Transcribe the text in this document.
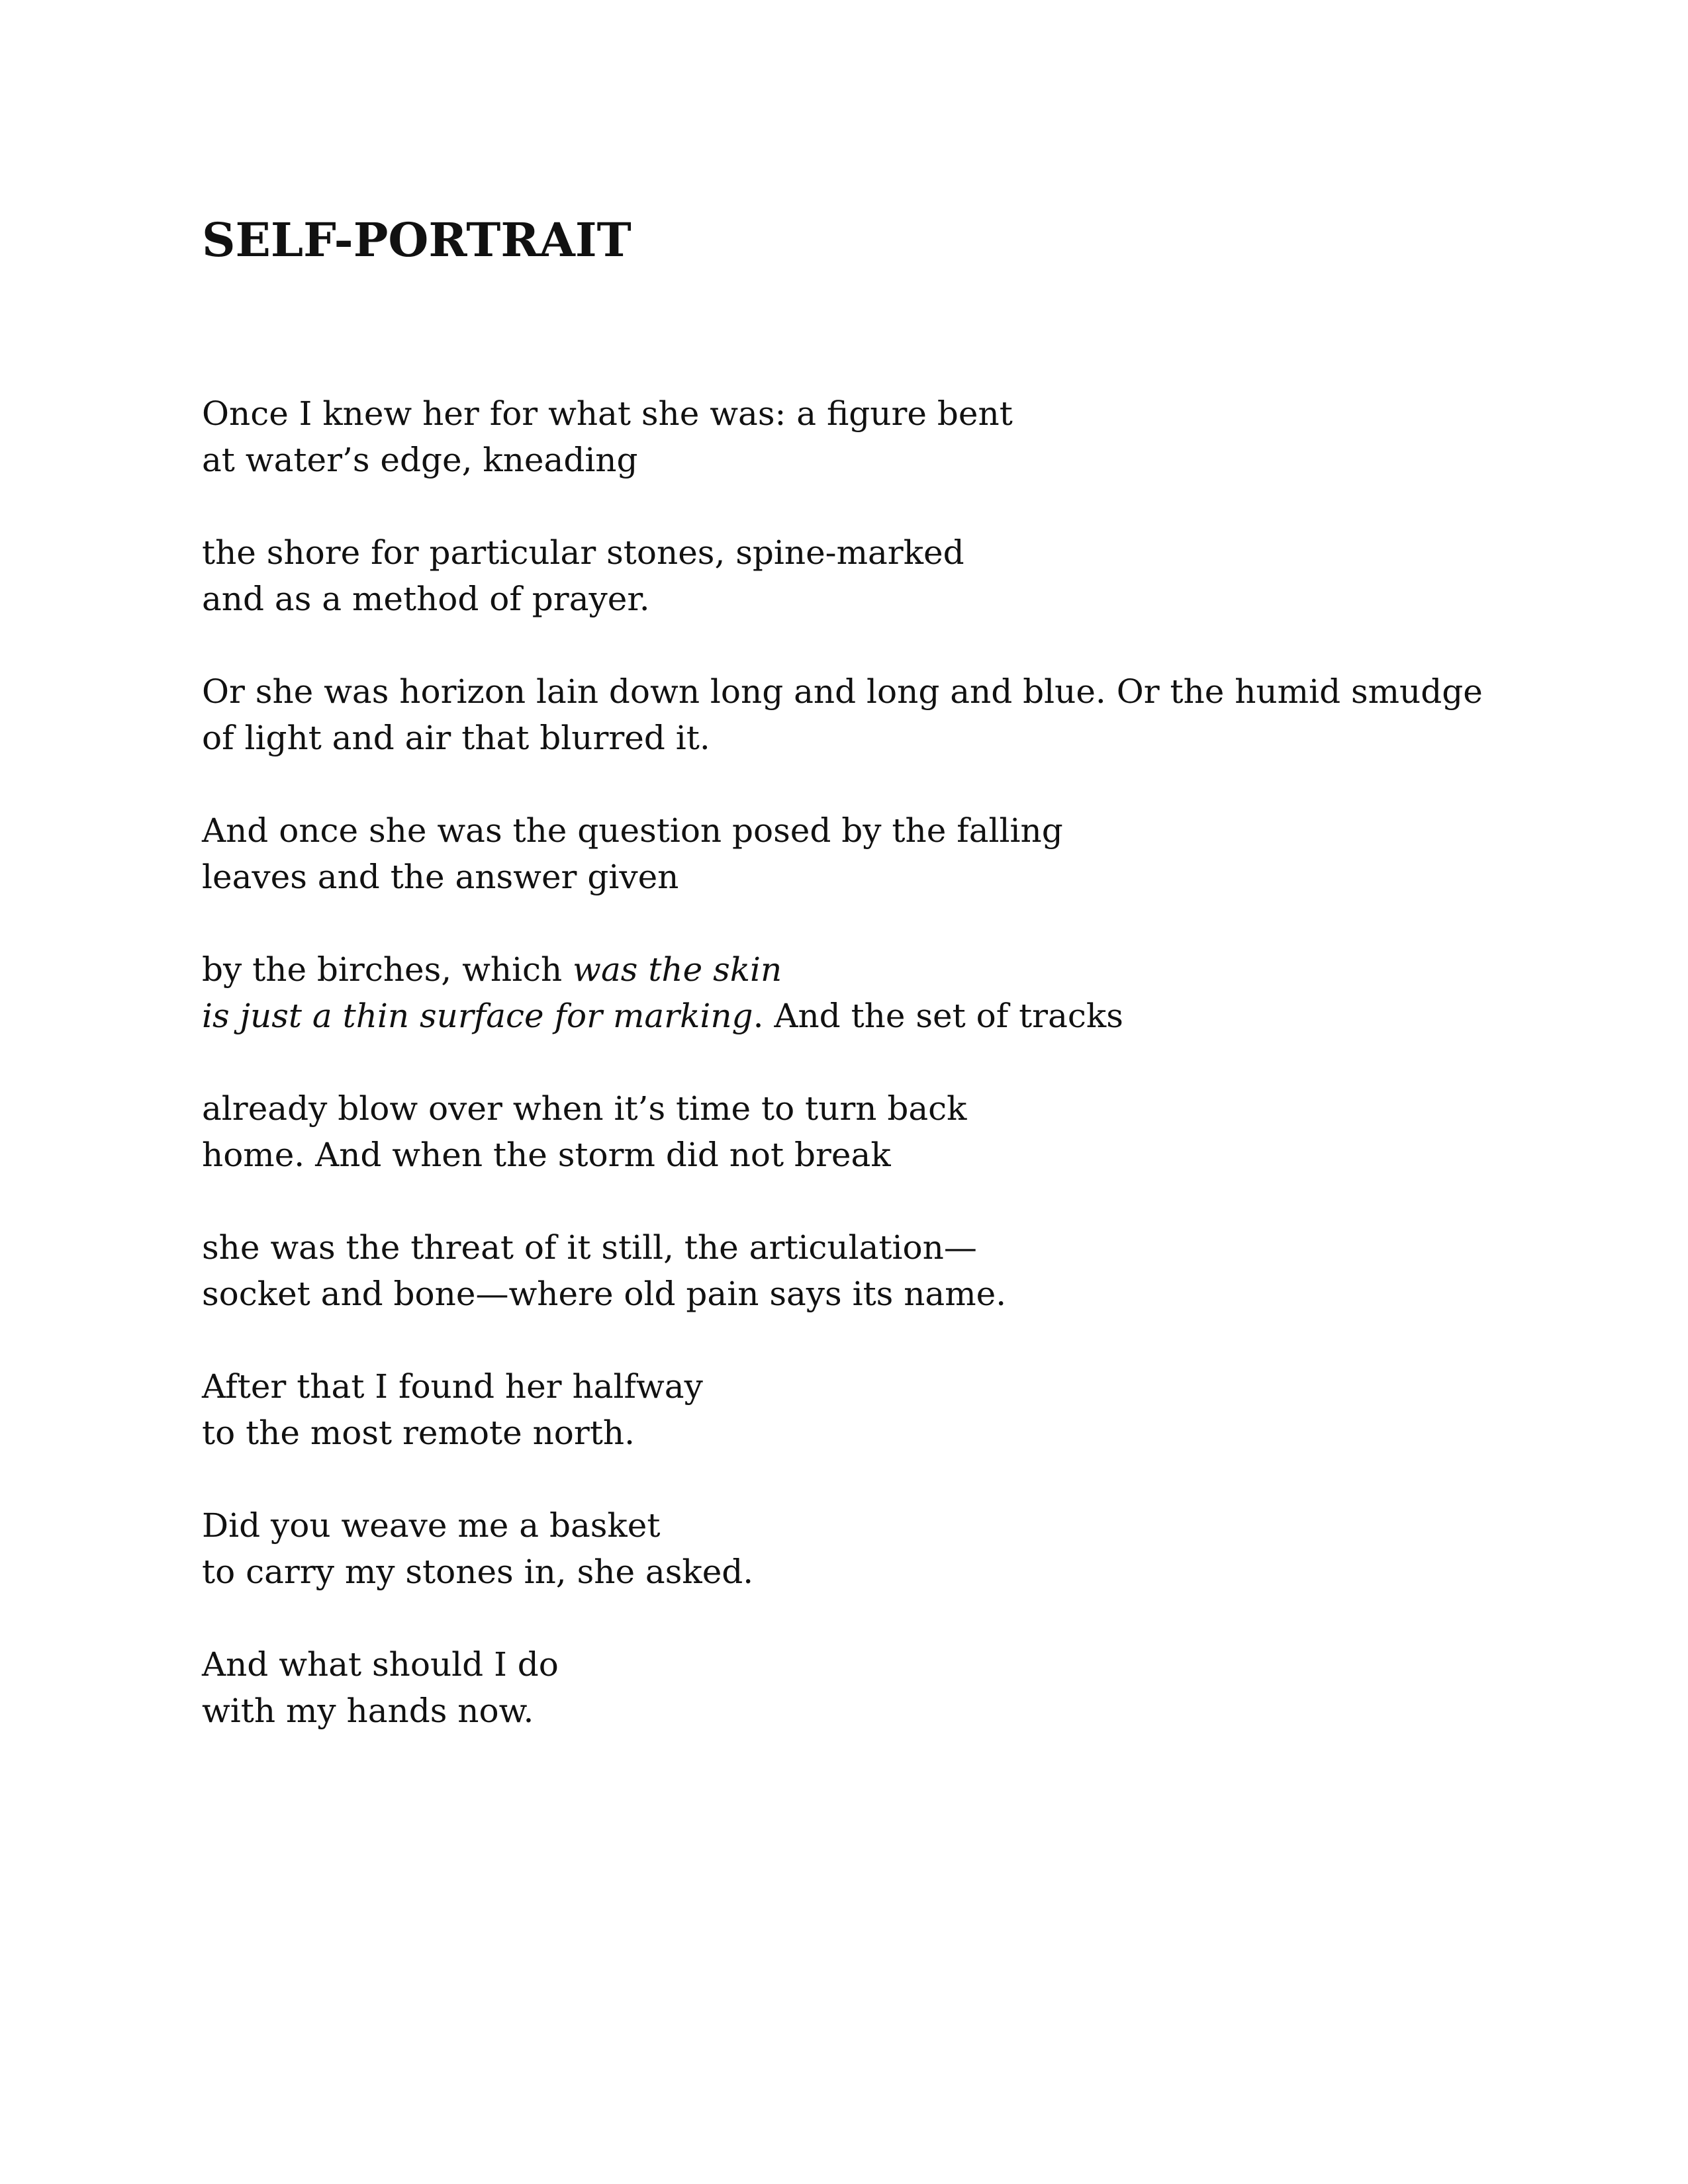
SELF-PORTRAIT

Once I knew her for what she was: a figure bent
at water’s edge, kneading

the shore for particular stones, spine-marked
and as a method of prayer.

Or she was horizon lain down long and long and blue. Or the humid smudge
of light and air that blurred it.

And once she was the question posed by the falling
leaves and the answer given

by the birches, which was the skin
is just a thin surface for marking. And the set of tracks

already blow over when it’s time to turn back
home. And when the storm did not break

she was the threat of it still, the articulation—
socket and bone—where old pain says its name.

After that I found her halfway
to the most remote north.

Did you weave me a basket
to carry my stones in, she asked.

And what should I do
with my hands now.
